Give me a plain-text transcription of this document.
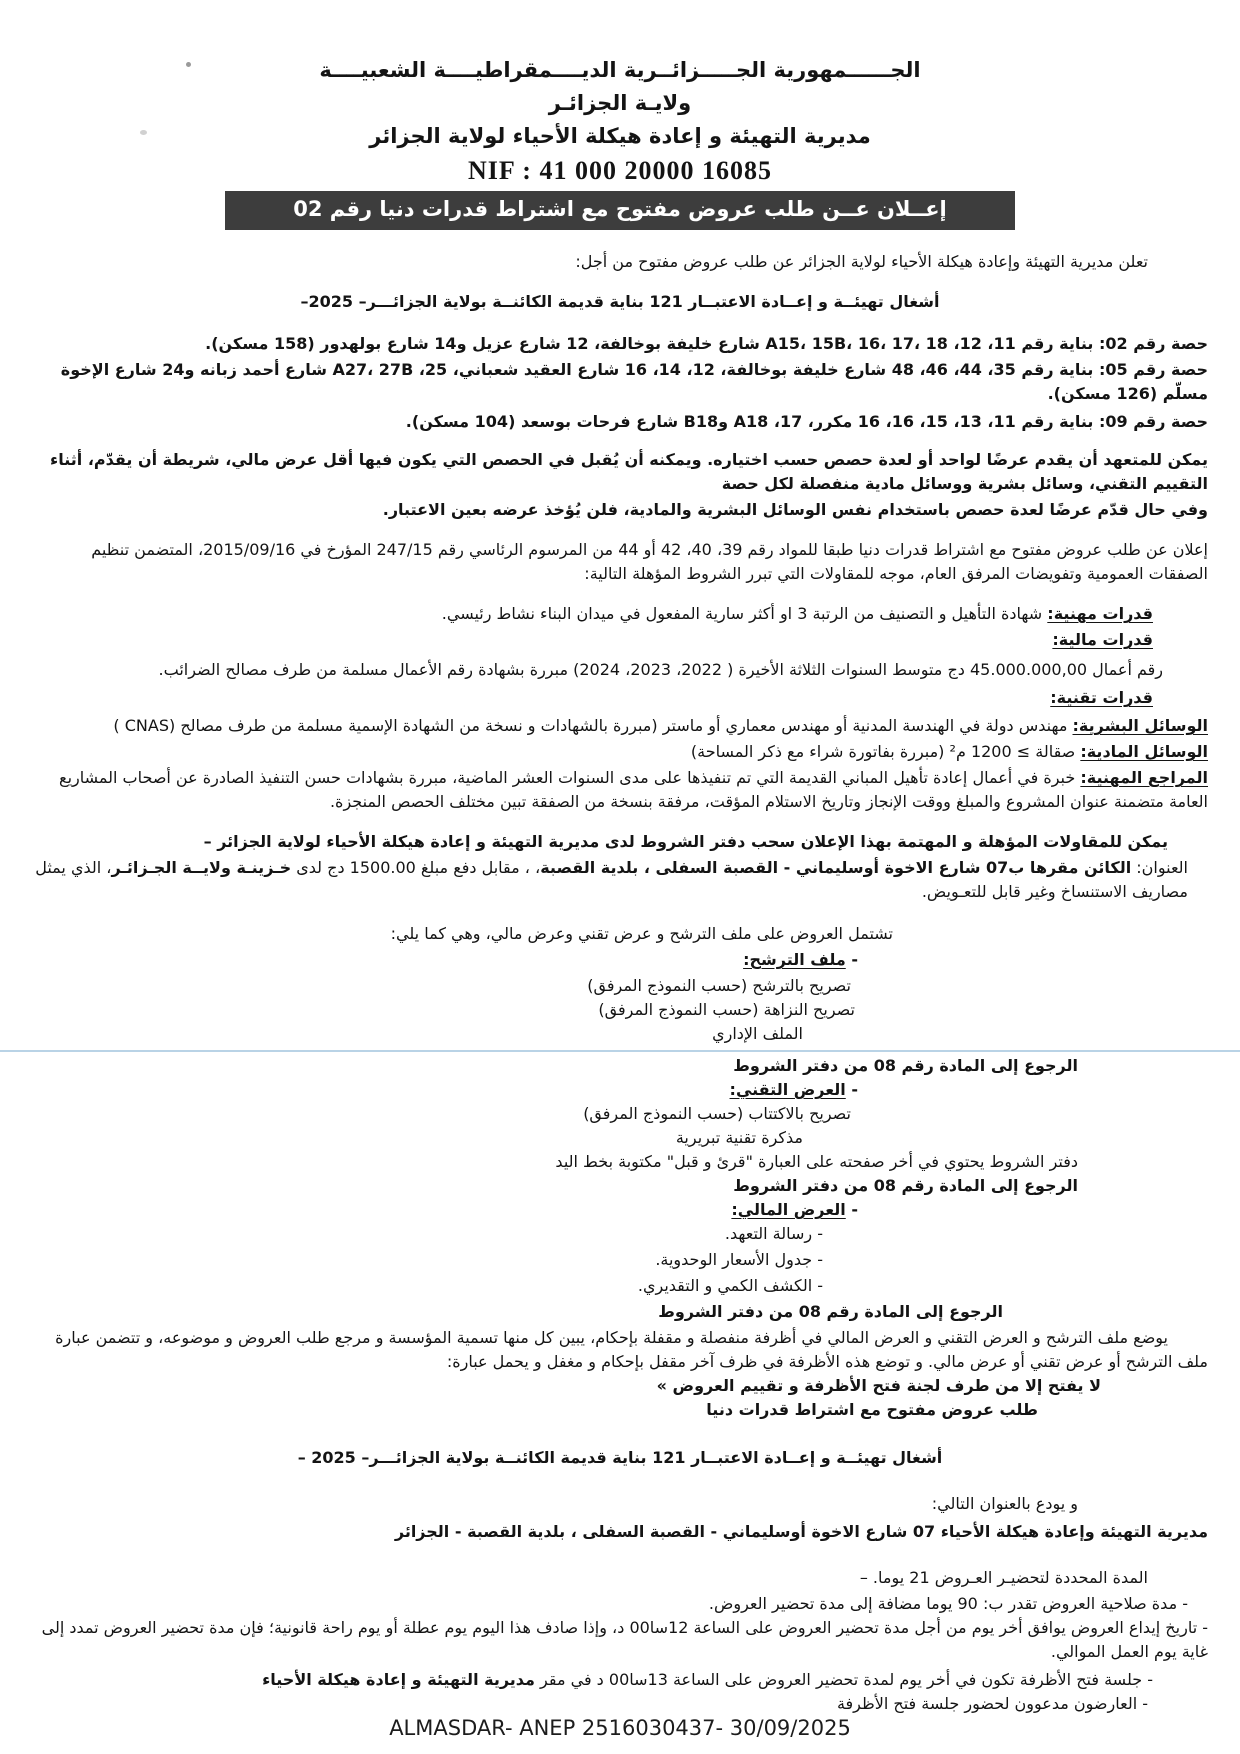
الجــــــمهورية الجـــــزائــرية الديــــمقراطيــــة الشعبيــــة
ولايـة الجزائـر
مديرية التهيئة و إعادة هيكلة الأحياء لولاية الجزائر
NIF : 41 000 20000 16085
إعــلان عــن طلب عروض مفتوح مع اشتراط قدرات دنيا رقم 02

تعلن مديرية التهيئة وإعادة هيكلة الأحياء لولاية الجزائر عن طلب عروض مفتوح من أجل:

أشغال تهيئــة و إعــادة الاعتبــار 121 بناية قديمة الكائنــة بولاية الجزائـــر– 2025–

حصة رقم 02: بناية رقم 11، 12، A15، 15B، 16، 17، 18 شارع خليفة بوخالفة، 12 شارع عزيل و14 شارع بولهدور (158 مسكن).

حصة رقم 05: بناية رقم 35، 44، 46، 48 شارع خليفة بوخالفة، 12، 14، 16 شارع العقيد شعباني، 25، A27، 27B شارع أحمد زبانه و24 شارع الإخوة مسلّم (126 مسكن).

حصة رقم 09: بناية رقم 11، 13، 15، 16، 16 مكرر، 17، A18 وB18 شارع فرحات بوسعد (104 مسكن).

يمكن للمتعهد أن يقدم عرضًا لواحد أو لعدة حصص حسب اختياره. ويمكنه أن يُقبل في الحصص التي يكون فيها أقل عرض مالي، شريطة أن يقدّم، أثناء التقييم التقني، وسائل بشرية ووسائل مادية منفصلة لكل حصة

وفي حال قدّم عرضًا لعدة حصص باستخدام نفس الوسائل البشرية والمادية، فلن يُؤخذ عرضه بعين الاعتبار.

إعلان عن طلب عروض مفتوح مع اشتراط قدرات دنيا طبقا للمواد رقم 39، 40، 42 أو 44 من المرسوم الرئاسي رقم 247/15 المؤرخ في 2015/09/16، المتضمن تنظيم الصفقات العمومية وتفويضات المرفق العام، موجه للمقاولات التي تبرر الشروط المؤهلة التالية:

قدرات مهنية: شهادة التأهيل و التصنيف من الرتبة 3 او أكثر سارية المفعول في ميدان البناء نشاط رئيسي.

قدرات مالية:

رقم أعمال 45.000.000,00 دج متوسط السنوات الثلاثة الأخيرة ( 2022، 2023، 2024) مبررة بشهادة رقم الأعمال مسلمة من طرف مصالح الضرائب.

قدرات تقنية:

الوسائل البشرية: مهندس دولة في الهندسة المدنية أو مهندس معماري أو ماستر (مبررة بالشهادات و نسخة من الشهادة الإسمية مسلمة من طرف مصالح (CNAS )

الوسائل المادية: صقالة ≥ 1200 م² (مبررة بفاتورة شراء مع ذكر المساحة)

المراجع المهنية: خبرة في أعمال إعادة تأهيل المباني القديمة التي تم تنفيذها على مدى السنوات العشر الماضية، مبررة بشهادات حسن التنفيذ الصادرة عن أصحاب المشاريع العامة متضمنة عنوان المشروع والمبلغ ووقت الإنجاز وتاريخ الاستلام المؤقت، مرفقة بنسخة من الصفقة تبين مختلف الحصص المنجزة.

يمكن للمقاولات المؤهلة و المهتمة بهذا الإعلان سحب دفتر الشروط لدى مديرية التهيئة و إعادة هيكلة الأحياء لولاية الجزائر –

العنوان: الكائن مقرها ب07 شارع الاخوة أوسليماني - القصبة السفلى ، بلدية القصبة، ، مقابل دفع مبلغ 1500.00 دج لدى خـزينـة ولايــة الجـزائـر، الذي يمثل مصاريف الاستنساخ وغير قابل للتعـويض.

تشتمل العروض على ملف الترشح و عرض تقني وعرض مالي، وهي كما يلي:

- ملف الترشح:

تصريح بالترشح (حسب النموذج المرفق)

تصريح النزاهة (حسب النموذج المرفق)

الملف الإداري

الرجوع إلى المادة رقم 08 من دفتر الشروط

- العرض التقني:

تصريح بالاكتتاب (حسب النموذج المرفق)

مذكرة تقنية تبريرية

دفتر الشروط يحتوي في أخر صفحته على العبارة "قرئ و قبل" مكتوبة بخط اليد

الرجوع إلى المادة رقم 08 من دفتر الشروط

- العرض المالي:

- رسالة التعهد.

- جدول الأسعار الوحدوية.

- الكشف الكمي و التقديري.

الرجوع إلى المادة رقم 08 من دفتر الشروط

يوضع ملف الترشح و العرض التقني و العرض المالي في أظرفة منفصلة و مقفلة بإحكام، يبين كل منها تسمية المؤسسة و مرجع طلب العروض و موضوعه، و تتضمن عبارة ملف الترشح أو عرض تقني أو عرض مالي. و توضع هذه الأظرفة في ظرف آخر مقفل بإحكام و مغفل و يحمل عبارة:

لا يفتح إلا من طرف لجنة فتح الأظرفة و تقييم العروض »

طلب عروض مفتوح مع اشتراط قدرات دنيا

أشغال تهيئــة و إعــادة الاعتبــار 121 بناية قديمة الكائنــة بولاية الجزائـــر– 2025 –

و يودع بالعنوان التالي:

مديرية التهيئة وإعادة هيكلة الأحياء 07 شارع الاخوة أوسليماني - القصبة السفلى ، بلدية القصبة - الجزائر

المدة المحددة لتحضيـر العـروض 21 يوما. –

- مدة صلاحية العروض تقدر ب: 90 يوما مضافة إلى مدة تحضير العروض.

- تاريخ إيداع العروض يوافق أخر يوم من أجل مدة تحضير العروض على الساعة 12سا00 د، وإذا صادف هذا اليوم يوم عطلة أو يوم راحة قانونية؛ فإن مدة تحضير العروض تمدد إلى غاية يوم العمل الموالي.

- جلسة فتح الأظرفة تكون في أخر يوم لمدة تحضير العروض على الساعة 13سا00 د في مقر مديرية التهيئة و إعادة هيكلة الأحياء

- العارضون مدعوون لحضور جلسة فتح الأظرفة

ALMASDAR- ANEP 2516030437- 30/09/2025
